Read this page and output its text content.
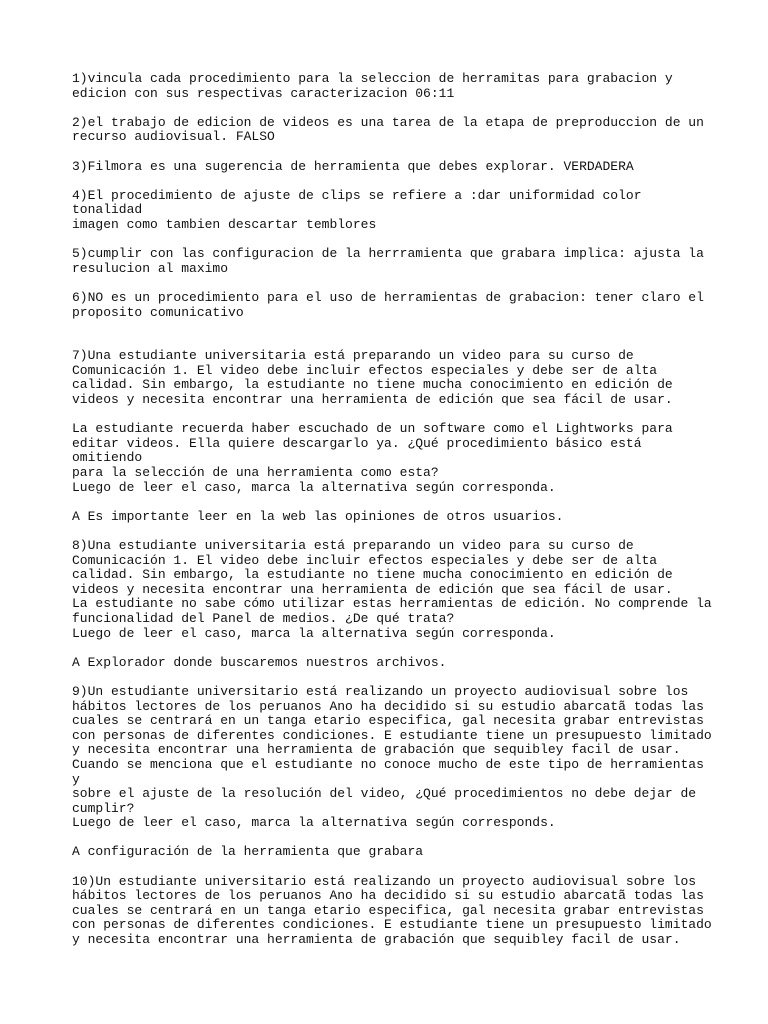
1)vincula cada procedimiento para la seleccion de herramitas para grabacion y
edicion con sus respectivas caracterizacion 06:11

2)el trabajo de edicion de videos es una tarea de la etapa de preproduccion de un
recurso audiovisual. FALSO

3)Filmora es una sugerencia de herramienta que debes explorar. VERDADERA

4)El procedimiento de ajuste de clips se refiere a :dar uniformidad color tonalidad
imagen como tambien descartar temblores

5)cumplir con las configuracion de la herrramienta que grabara implica: ajusta la
resulucion al maximo

6)NO es un procedimiento para el uso de herramientas de grabacion: tener claro el
proposito comunicativo

7)Una estudiante universitaria está preparando un video para su curso de
Comunicación 1. El video debe incluir efectos especiales y debe ser de alta
calidad. Sin embargo, la estudiante no tiene mucha conocimiento en edición de
videos y necesita encontrar una herramienta de edición que sea fácil de usar.

La estudiante recuerda haber escuchado de un software como el Lightworks para
editar videos. Ella quiere descargarlo ya. ¿Qué procedimiento básico está omitiendo
para la selección de una herramienta como esta?
Luego de leer el caso, marca la alternativa según corresponda.

A Es importante leer en la web las opiniones de otros usuarios.

8)Una estudiante universitaria está preparando un video para su curso de
Comunicación 1. El video debe incluir efectos especiales y debe ser de alta
calidad. Sin embargo, la estudiante no tiene mucha conocimiento en edición de
videos y necesita encontrar una herramienta de edición que sea fácil de usar.
La estudiante no sabe cómo utilizar estas herramientas de edición. No comprende la
funcionalidad del Panel de medios. ¿De qué trata?
Luego de leer el caso, marca la alternativa según corresponda.

A Explorador donde buscaremos nuestros archivos.

9)Un estudiante universitario está realizando un proyecto audiovisual sobre los
hábitos lectores de los peruanos Ano ha decidido si su estudio abarcatã todas las
cuales se centrará en un tanga etario especifica, gal necesita grabar entrevistas
con personas de diferentes condiciones. E estudiante tiene un presupuesto limitado
y necesita encontrar una herramienta de grabación que sequibley facil de usar.
Cuando se menciona que el estudiante no conoce mucho de este tipo de herramientas y
sobre el ajuste de la resolución del video, ¿Qué procedimientos no debe dejar de
cumplir?
Luego de leer el caso, marca la alternativa según corresponds.

A configuración de la herramienta que grabara

10)Un estudiante universitario está realizando un proyecto audiovisual sobre los
hábitos lectores de los peruanos Ano ha decidido si su estudio abarcatã todas las
cuales se centrará en un tanga etario especifica, gal necesita grabar entrevistas
con personas de diferentes condiciones. E estudiante tiene un presupuesto limitado
y necesita encontrar una herramienta de grabación que sequibley facil de usar.
